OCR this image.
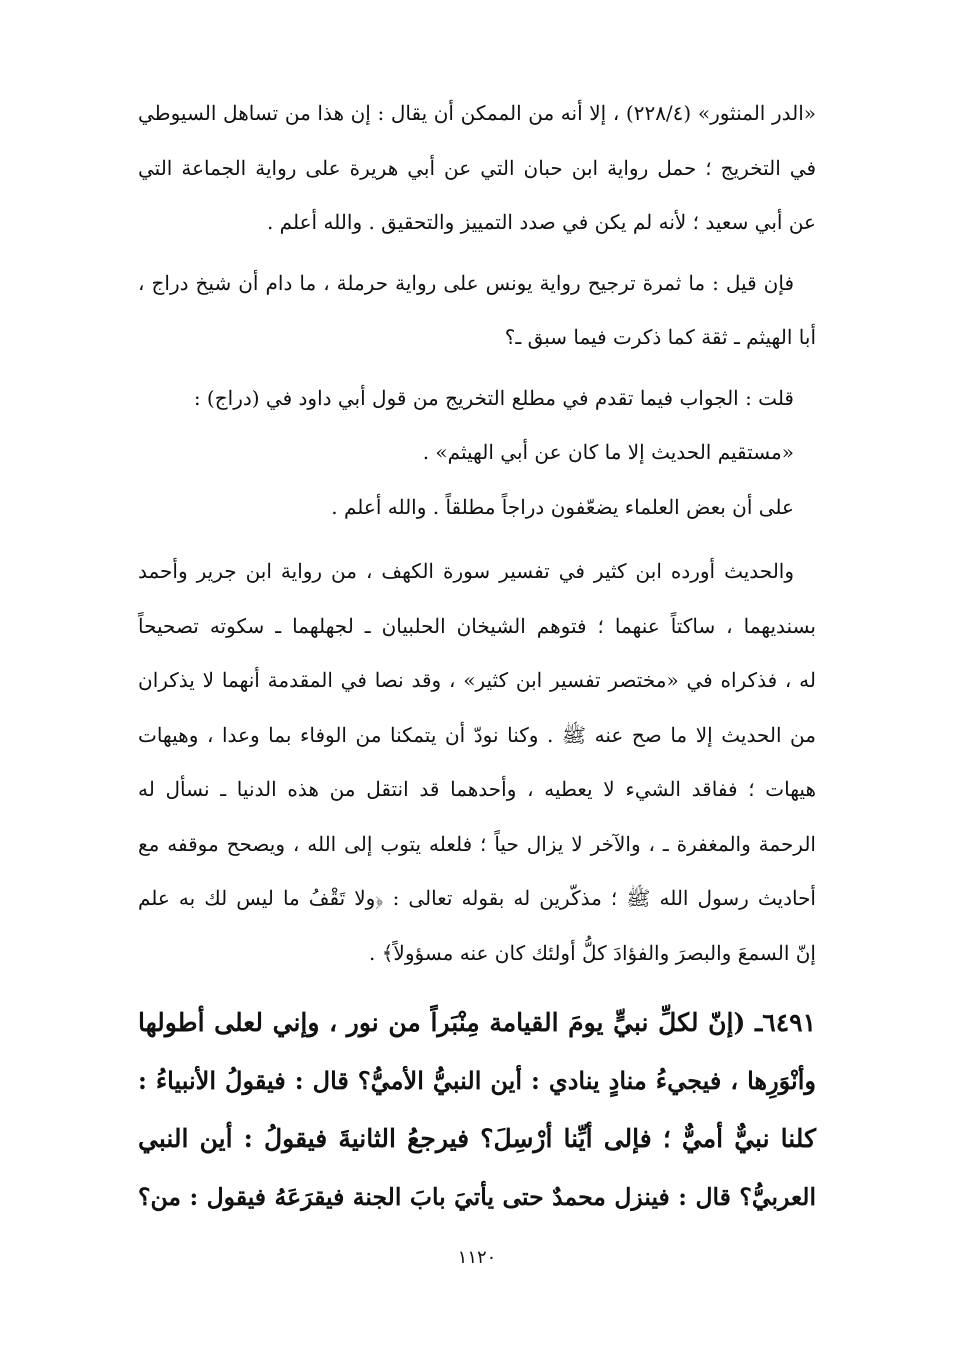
«الدر المنثور» (٢٢٨/٤) ، إلا أنه من الممكن أن يقال : إن هذا من تساهل السيوطي
في التخريج ؛ حمل رواية ابن حبان التي عن أبي هريرة على رواية الجماعة التي
عن أبي سعيد ؛ لأنه لم يكن في صدد التمييز والتحقيق . والله أعلم .

فإن قيل : ما ثمرة ترجيح رواية يونس على رواية حرملة ، ما دام أن شيخ دراج ،
أبا الهيثم ـ ثقة كما ذكرت فيما سبق ـ؟

قلت : الجواب فيما تقدم في مطلع التخريج من قول أبي داود في (دراج) :
«مستقيم الحديث إلا ما كان عن أبي الهيثم» .
على أن بعض العلماء يضعّفون دراجاً مطلقاً . والله أعلم .

والحديث أورده ابن كثير في تفسير سورة الكهف ، من رواية ابن جرير وأحمد
بسنديهما ، ساكتاً عنهما ؛ فتوهم الشيخان الحلبيان ـ لجهلهما ـ سكوته تصحيحاً
له ، فذكراه في «مختصر تفسير ابن كثير» ، وقد نصا في المقدمة أنهما لا يذكران
من الحديث إلا ما صح عنه ﷺ . وكنا نودّ أن يتمكنا من الوفاء بما وعدا ، وهيهات
هيهات ؛ ففاقد الشيء لا يعطيه ، وأحدهما قد انتقل من هذه الدنيا ـ نسأل له
الرحمة والمغفرة ـ ، والآخر لا يزال حياً ؛ فلعله يتوب إلى الله ، ويصحح موقفه مع
أحاديث رسول الله ﷺ ؛ مذكّرين له بقوله تعالى : ﴿ولا تَقْفُ ما ليس لك به علم
إنّ السمعَ والبصرَ والفؤادَ كلُّ أولئك كان عنه مسؤولاً﴾ .

٦٤٩١ـ (إنّ لكلِّ نبيٍّ يومَ القيامة مِنْبَراً من نور ، وإني لعلى أطولها
وأنْوَرِها ، فيجيءُ منادٍ ينادي : أين النبيُّ الأميُّ؟ قال : فيقولُ الأنبياءُ :
كلنا نبيٌّ أميٌّ ؛ فإلى أيِّنا أرْسِلَ؟ فيرجعُ الثانيةَ فيقولُ : أين النبي
العربيُّ؟ قال : فينزل محمدٌ حتى يأتيَ بابَ الجنة فيقرَعَهُ فيقول : من؟

١١٢٠
